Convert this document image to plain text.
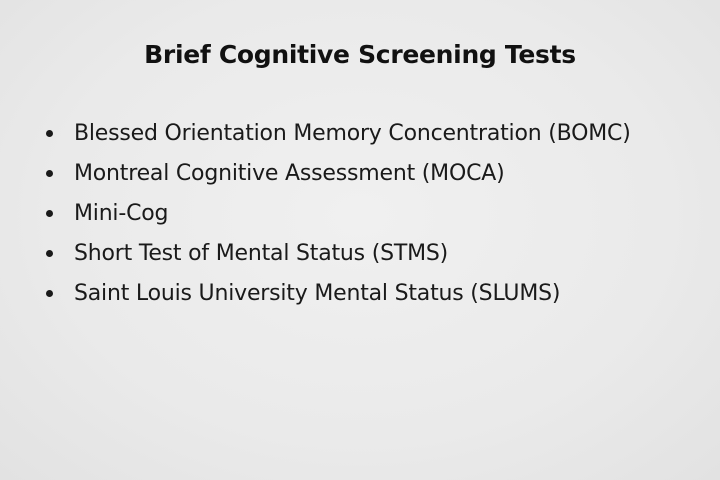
Brief Cognitive Screening Tests
Blessed Orientation Memory Concentration (BOMC)
Montreal Cognitive Assessment (MOCA)
Mini-Cog
Short Test of Mental Status (STMS)
Saint Louis University Mental Status (SLUMS)
